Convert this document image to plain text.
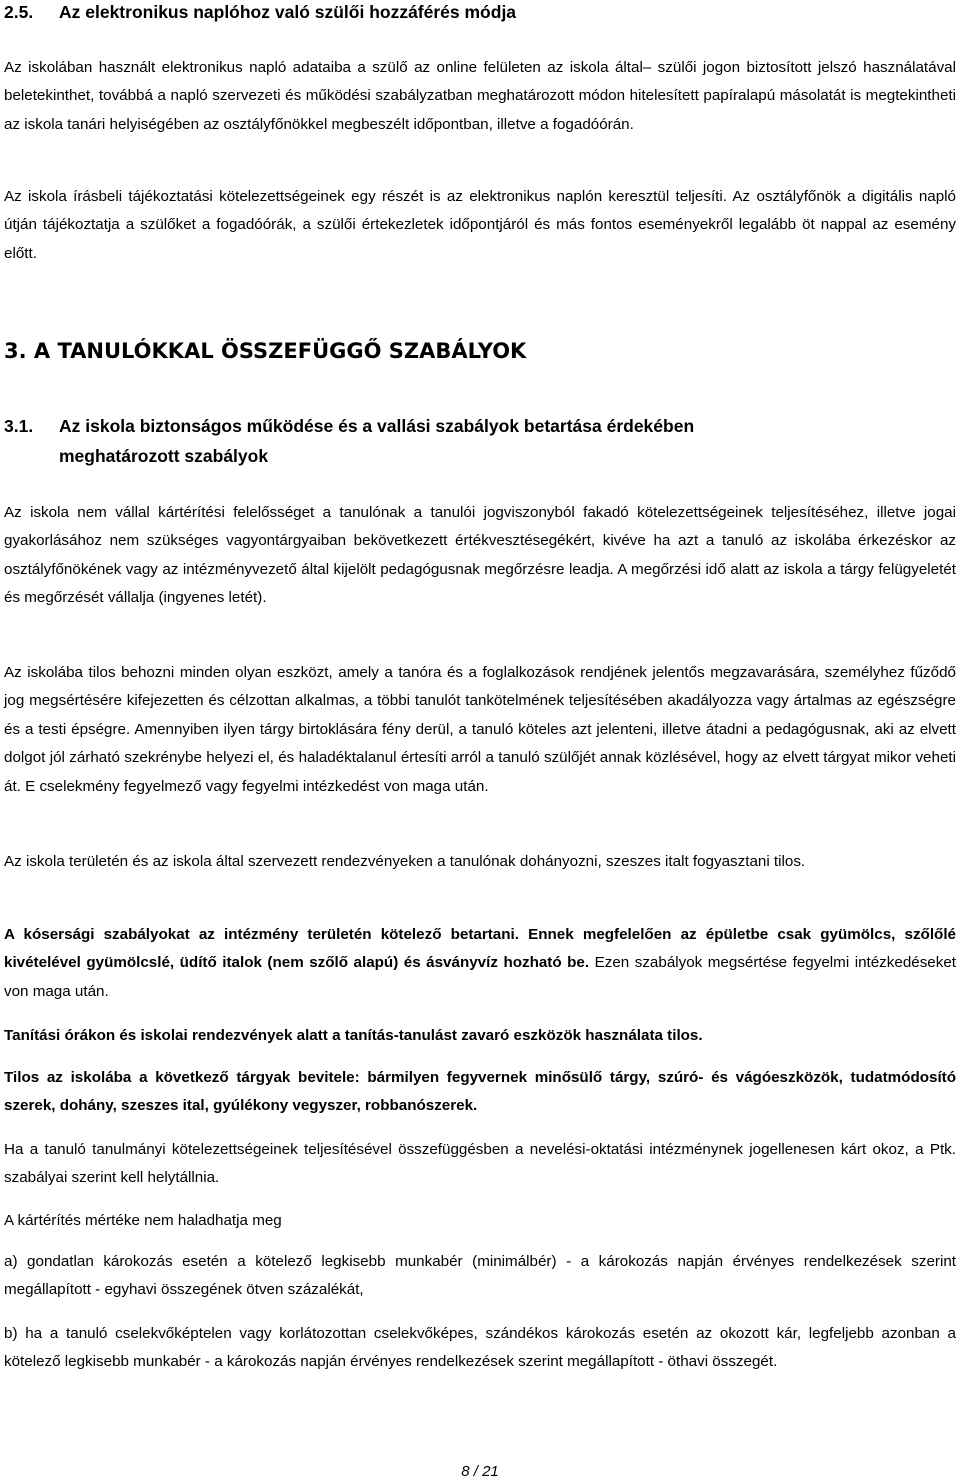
2.5. Az elektronikus naplóhoz való szülői hozzáférés módja

Az iskolában használt elektronikus napló adataiba a szülő az online felületen az iskola által– szülői jogon biztosított jelszó használatával beletekinthet, továbbá a napló szervezeti és működési szabályzatban meghatározott módon hitelesített papíralapú másolatát is megtekintheti az iskola tanári helyiségében az osztályfőnökkel megbeszélt időpontban, illetve a fogadóórán.

Az iskola írásbeli tájékoztatási kötelezettségeinek egy részét is az elektronikus naplón keresztül teljesíti. Az osztályfőnök a digitális napló útján tájékoztatja a szülőket a fogadóórák, a szülői értekezletek időpontjáról és más fontos eseményekről legalább öt nappal az esemény előtt.

3. A TANULÓKKAL ÖSSZEFÜGGŐ SZABÁLYOK
3.1. Az iskola biztonságos működése és a vallási szabályok betartása érdekében
meghatározott szabályok

Az iskola nem vállal kártérítési felelősséget a tanulónak a tanulói jogviszonyból fakadó kötelezettségeinek teljesítéséhez, illetve jogai gyakorlásához nem szükséges vagyontárgyaiban bekövetkezett értékvesztésegékért, kivéve ha azt a tanuló az iskolába érkezéskor az osztályfőnökének vagy az intézményvezető által kijelölt pedagógusnak megőrzésre leadja. A megőrzési idő alatt az iskola a tárgy felügyeletét és megőrzését vállalja (ingyenes letét).

Az iskolába tilos behozni minden olyan eszközt, amely a tanóra és a foglalkozások rendjének jelentős megzavarására, személyhez fűződő jog megsértésére kifejezetten és célzottan alkalmas, a többi tanulót tankötelmének teljesítésében akadályozza vagy ártalmas az egészségre és a testi épségre. Amennyiben ilyen tárgy birtoklására fény derül, a tanuló köteles azt jelenteni, illetve átadni a pedagógusnak, aki az elvett dolgot jól zárható szekrénybe helyezi el, és haladéktalanul értesíti arról a tanuló szülőjét annak közlésével, hogy az elvett tárgyat mikor veheti át. E cselekmény fegyelmező vagy fegyelmi intézkedést von maga után.

Az iskola területén és az iskola által szervezett rendezvényeken a tanulónak dohányozni, szeszes italt fogyasztani tilos.

A kósersági szabályokat az intézmény területén kötelező betartani. Ennek megfelelően az épületbe csak gyümölcs, szőlőlé kivételével gyümölcslé, üdítő italok (nem szőlő alapú) és ásványvíz hozható be. Ezen szabályok megsértése fegyelmi intézkedéseket von maga után.

Tanítási órákon és iskolai rendezvények alatt a tanítás-tanulást zavaró eszközök használata tilos.

Tilos az iskolába a következő tárgyak bevitele: bármilyen fegyvernek minősülő tárgy, szúró- és vágóeszközök, tudatmódosító szerek, dohány, szeszes ital, gyúlékony vegyszer, robbanószerek.

Ha a tanuló tanulmányi kötelezettségeinek teljesítésével összefüggésben a nevelési-oktatási intézménynek jogellenesen kárt okoz, a Ptk. szabályai szerint kell helytállnia.

A kártérítés mértéke nem haladhatja meg

a) gondatlan károkozás esetén a kötelező legkisebb munkabér (minimálbér) - a károkozás napján érvényes rendelkezések szerint megállapított - egyhavi összegének ötven százalékát,

b) ha a tanuló cselekvőképtelen vagy korlátozottan cselekvőképes, szándékos károkozás esetén az okozott kár, legfeljebb azonban a kötelező legkisebb munkabér - a károkozás napján érvényes rendelkezések szerint megállapított - öthavi összegét.

8 / 21
